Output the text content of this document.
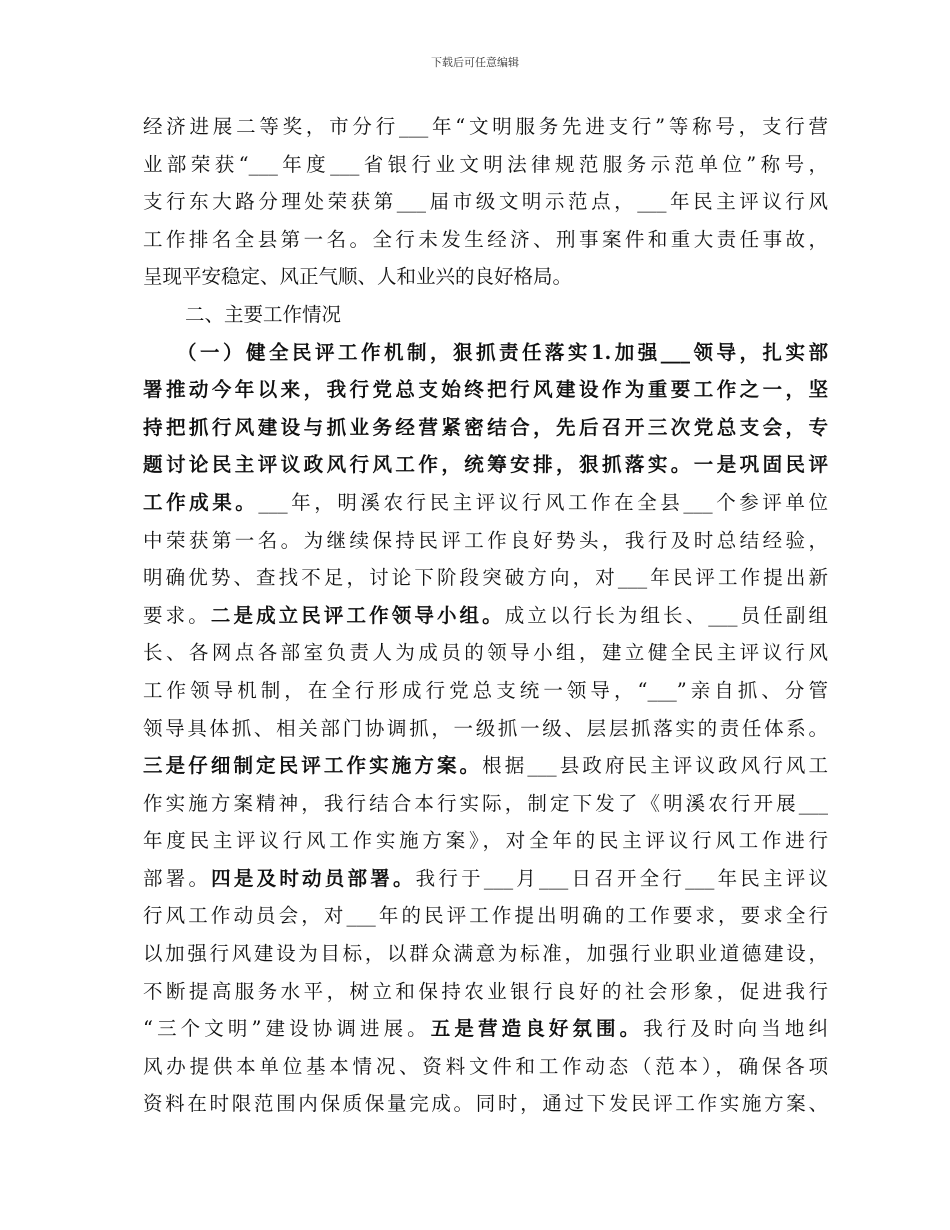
下载后可任意编辑
经济进展二等奖，市分行___年“文明服务先进支行”等称号，支行营
业部荣获“___年度___省银行业文明法律规范服务示范单位”称号，
支行东大路分理处荣获第___届市级文明示范点，___年民主评议行风
工作排名全县第一名。全行未发生经济、刑事案件和重大责任事故，
呈现平安稳定、风正气顺、人和业兴的良好格局。
二、主要工作情况
（一）健全民评工作机制，狠抓责任落实1.加强___领导，扎实部
署推动今年以来，我行党总支始终把行风建设作为重要工作之一，坚
持把抓行风建设与抓业务经营紧密结合，先后召开三次党总支会，专
题讨论民主评议政风行风工作，统筹安排，狠抓落实。一是巩固民评
工作成果。___年，明溪农行民主评议行风工作在全县___个参评单位
中荣获第一名。为继续保持民评工作良好势头，我行及时总结经验，
明确优势、查找不足，讨论下阶段突破方向，对___年民评工作提出新
要求。二是成立民评工作领导小组。成立以行长为组长、___员任副组
长、各网点各部室负责人为成员的领导小组，建立健全民主评议行风
工作领导机制，在全行形成行党总支统一领导，“___”亲自抓、分管
领导具体抓、相关部门协调抓，一级抓一级、层层抓落实的责任体系。
三是仔细制定民评工作实施方案。根据___县政府民主评议政风行风工
作实施方案精神，我行结合本行实际，制定下发了《明溪农行开展___
年度民主评议行风工作实施方案》，对全年的民主评议行风工作进行
部署。四是及时动员部署。我行于___月___日召开全行___年民主评议
行风工作动员会，对___年的民评工作提出明确的工作要求，要求全行
以加强行风建设为目标，以群众满意为标准，加强行业职业道德建设，
不断提高服务水平，树立和保持农业银行良好的社会形象，促进我行
“三个文明”建设协调进展。五是营造良好氛围。我行及时向当地纠
风办提供本单位基本情况、资料文件和工作动态（范本），确保各项
资料在时限范围内保质保量完成。同时，通过下发民评工作实施方案、
